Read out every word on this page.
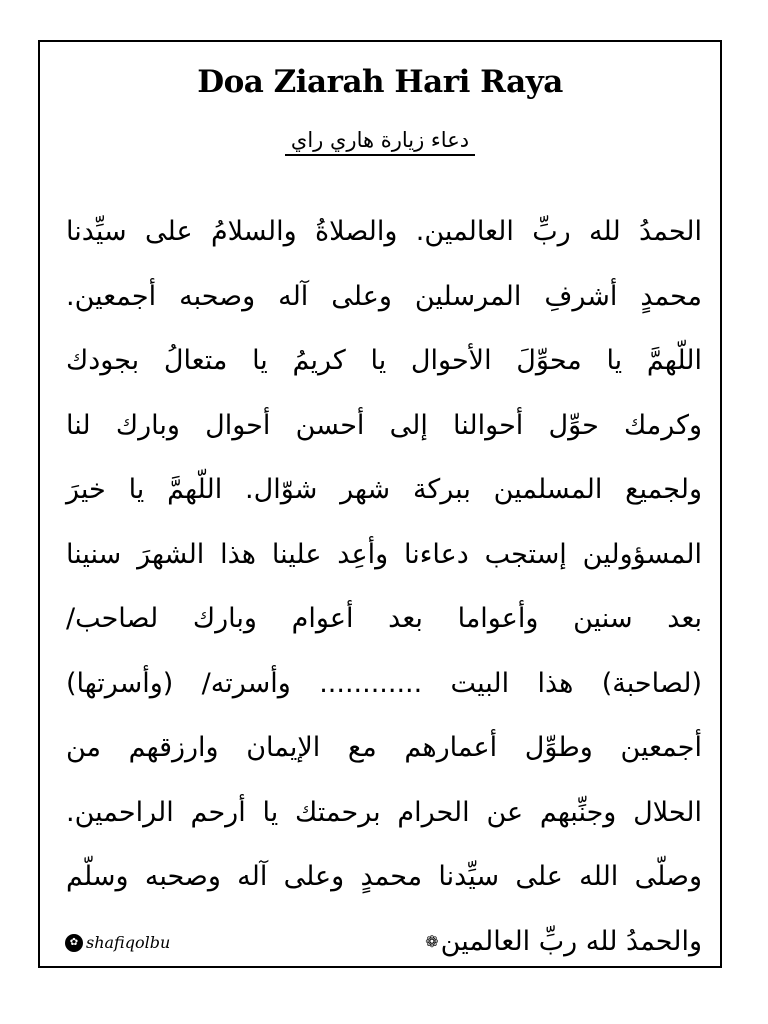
Doa Ziarah Hari Raya
دعاء زيارة هاري راي
الحمدُ لله ربِّ العالمين. والصلاةُ والسلامُ على سيِّدنا
محمدٍ أشرفِ المرسلين وعلى آله وصحبه أجمعين.
اللّهمَّ يا محوِّلَ الأحوال يا كريمُ يا متعالُ بجودك
وكرمك حوِّل أحوالنا إلى أحسن أحوال وبارك لنا
ولجميع المسلمين ببركة شهر شوّال. اللّهمَّ يا خيرَ
المسؤولين إستجب دعاءنا وأعِد علينا هذا الشهرَ سنينا
بعد سنين وأعواما بعد أعوام وبارك لصاحب/
(لصاحبة) هذا البيت ............ وأسرته/ (وأسرتها)
أجمعين وطوِّل أعمارهم مع الإيمان وارزقهم من
الحلال وجنِّبهم عن الحرام برحمتك يا أرحم الراحمين.
وصلّى الله على سيِّدنا محمدٍ وعلى آله وصحبه وسلّم
والحمدُ لله ربِّ العالمين❁
✿ shafiqolbu
